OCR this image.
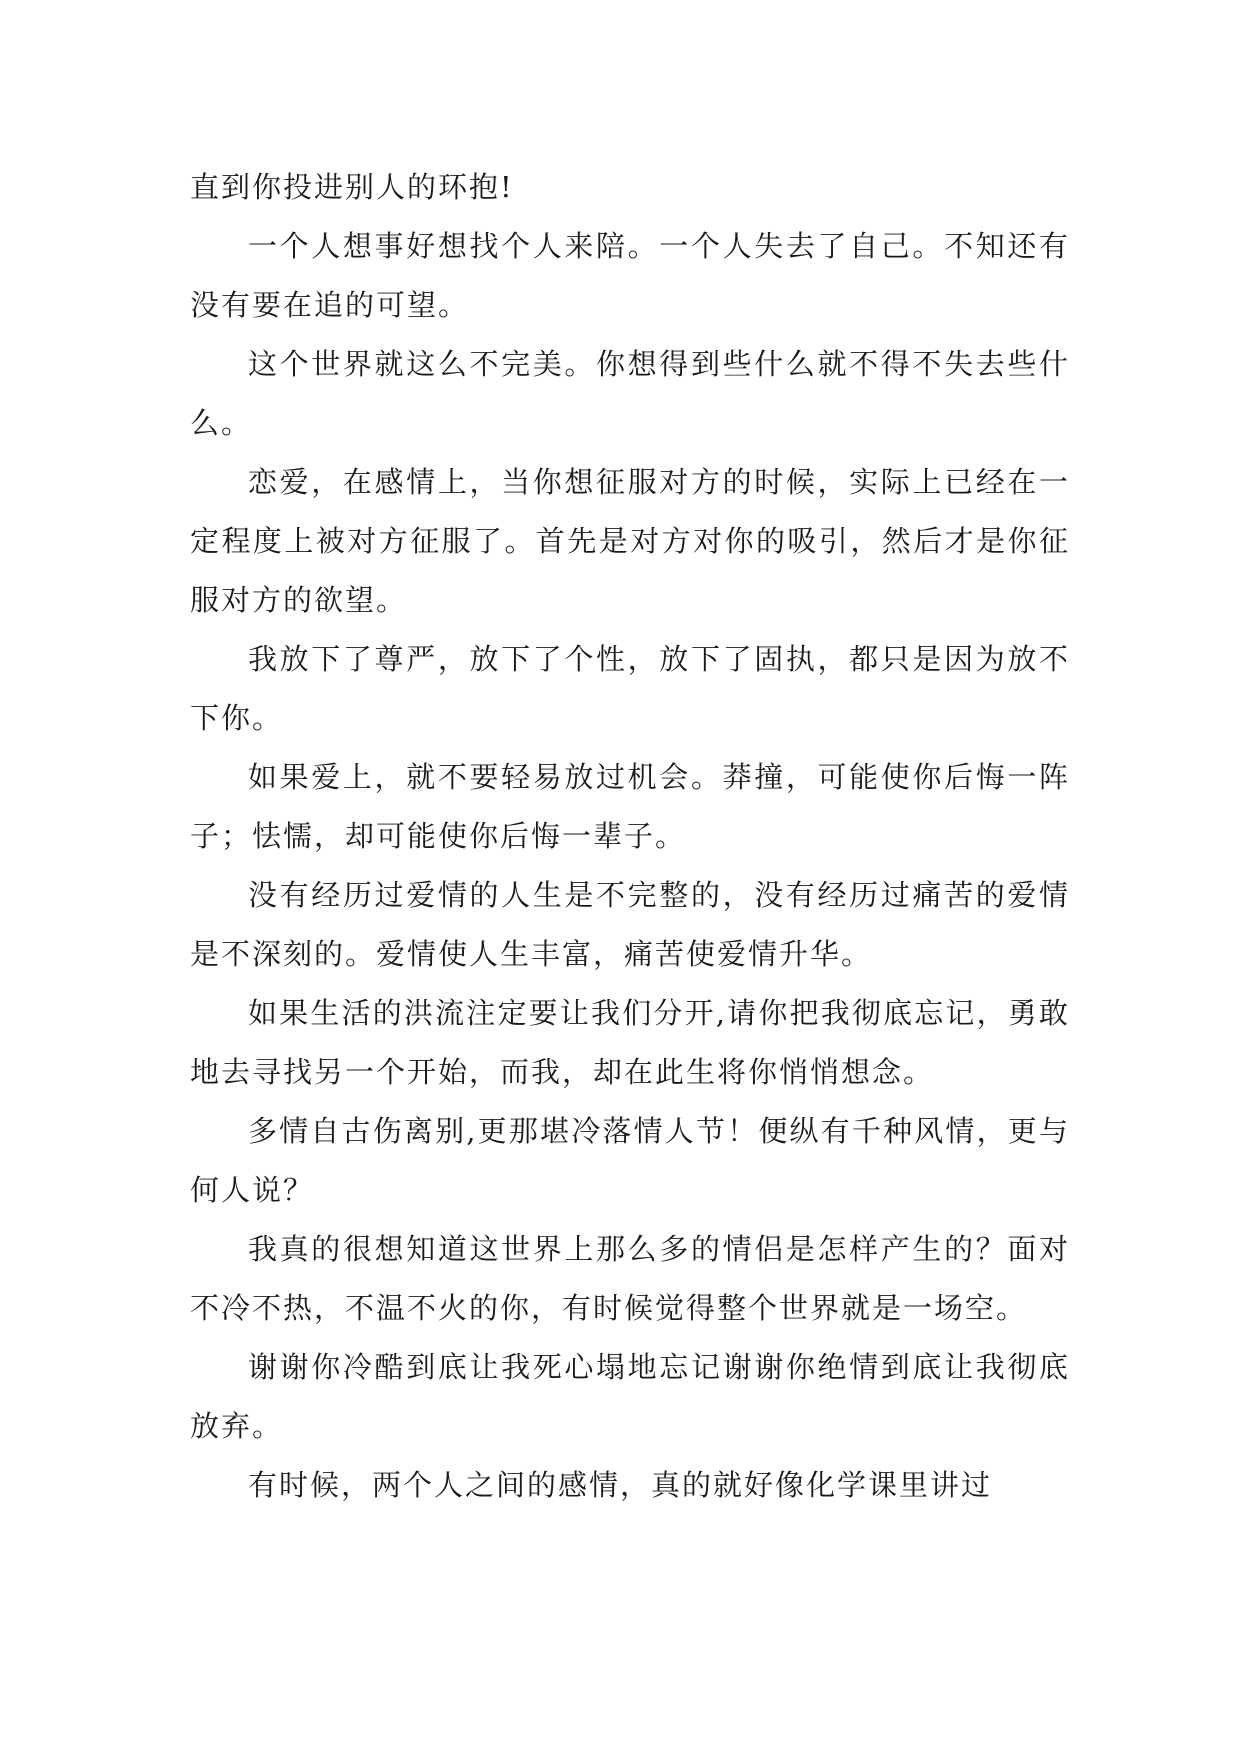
直到你投进别人的环抱!

一个人想事好想找个人来陪。一个人失去了自己。不知还有没有要在追的可望。

这个世界就这么不完美。你想得到些什么就不得不失去些什么。

恋爱，在感情上，当你想征服对方的时候，实际上已经在一定程度上被对方征服了。首先是对方对你的吸引，然后才是你征服对方的欲望。

我放下了尊严，放下了个性，放下了固执，都只是因为放不下你。

如果爱上，就不要轻易放过机会。莽撞，可能使你后悔一阵子；怯懦，却可能使你后悔一辈子。

没有经历过爱情的人生是不完整的，没有经历过痛苦的爱情是不深刻的。爱情使人生丰富，痛苦使爱情升华。

如果生活的洪流注定要让我们分开,请你把我彻底忘记，勇敢地去寻找另一个开始，而我，却在此生将你悄悄想念。

多情自古伤离别,更那堪冷落情人节！便纵有千种风情，更与何人说？

我真的很想知道这世界上那么多的情侣是怎样产生的？面对不冷不热，不温不火的你，有时候觉得整个世界就是一场空。

谢谢你冷酷到底让我死心塌地忘记谢谢你绝情到底让我彻底放弃。

有时候，两个人之间的感情，真的就好像化学课里讲过
